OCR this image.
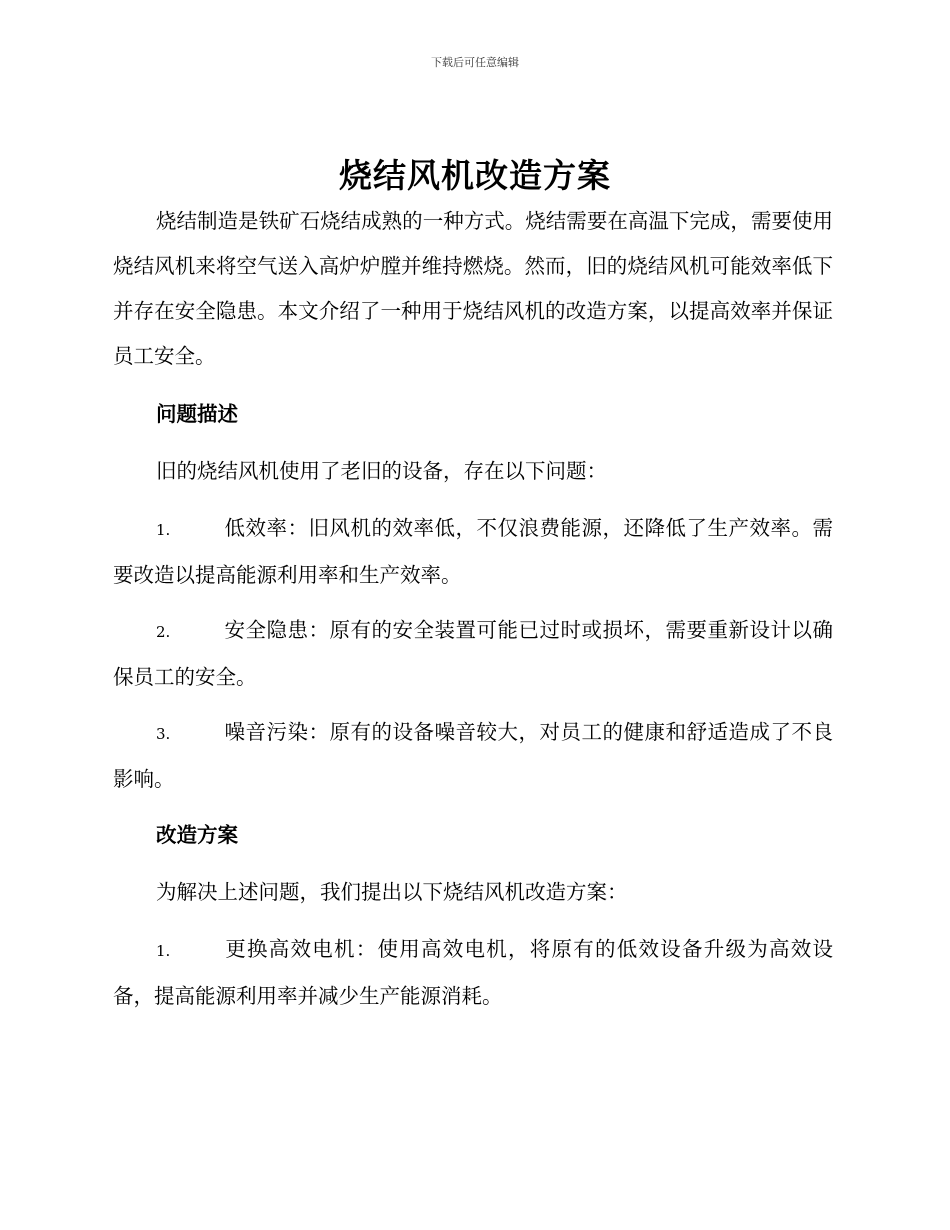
下载后可任意编辑
烧结风机改造方案
烧结制造是铁矿石烧结成熟的一种方式。烧结需要在高温下完成，需要使用烧结风机来将空气送入高炉炉膛并维持燃烧。然而，旧的烧结风机可能效率低下并存在安全隐患。本文介绍了一种用于烧结风机的改造方案，以提高效率并保证员工安全。
问题描述
旧的烧结风机使用了老旧的设备，存在以下问题：
1.	低效率：旧风机的效率低，不仅浪费能源，还降低了生产效率。需要改造以提高能源利用率和生产效率。
2.	安全隐患：原有的安全装置可能已过时或损坏，需要重新设计以确保员工的安全。
3.	噪音污染：原有的设备噪音较大，对员工的健康和舒适造成了不良影响。
改造方案
为解决上述问题，我们提出以下烧结风机改造方案：
1.	更换高效电机：使用高效电机，将原有的低效设备升级为高效设备，提高能源利用率并减少生产能源消耗。
